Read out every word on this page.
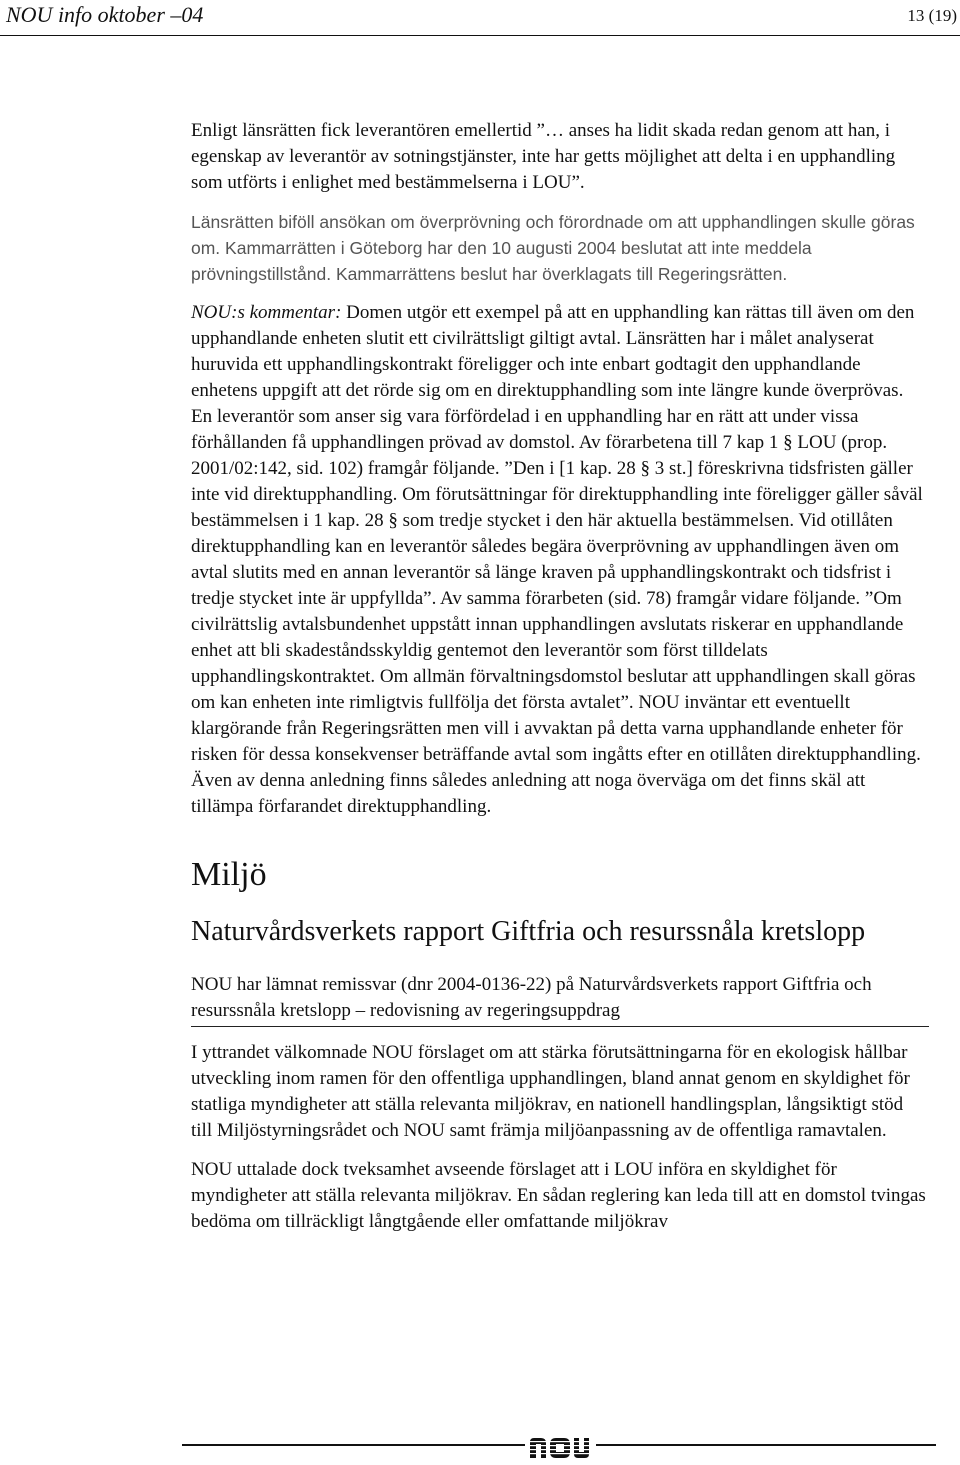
NOU info oktober –04	13 (19)

Enligt länsrätten fick leverantören emellertid ”… anses ha lidit skada redan genom att han, i egenskap av leverantör av sotningstjänster, inte har getts möjlighet att delta i en upphandling som utförts i enlighet med bestämmelserna i LOU”.

Länsrätten biföll ansökan om överprövning och förordnade om att upphandlingen skulle göras om. Kammarrätten i Göteborg har den 10 augusti 2004 beslutat att inte meddela prövningstillstånd. Kammarrättens beslut har överklagats till Regeringsrätten.

NOU:s kommentar: Domen utgör ett exempel på att en upphandling kan rättas till även om den upphandlande enheten slutit ett civilrättsligt giltigt avtal. Länsrätten har i målet analyserat huruvida ett upphandlingskontrakt föreligger och inte enbart godtagit den upphandlande enhetens uppgift att det rörde sig om en direktupphandling som inte längre kunde överprövas. En leverantör som anser sig vara förfördelad i en upphandling har en rätt att under vissa förhållanden få upphandlingen prövad av domstol. Av förarbetena till 7 kap 1 § LOU (prop. 2001/02:142, sid. 102) framgår följande. ”Den i [1 kap. 28 § 3 st.] föreskrivna tidsfristen gäller inte vid direktupphandling. Om förutsättningar för direktupphandling inte föreligger gäller såväl bestämmelsen i 1 kap. 28 § som tredje stycket i den här aktuella bestämmelsen. Vid otillåten direktupphandling kan en leverantör således begära överprövning av upphandlingen även om avtal slutits med en annan leverantör så länge kraven på upphandlingskontrakt och tidsfrist i tredje stycket inte är uppfyllda”. Av samma förarbeten (sid. 78) framgår vidare följande. ”Om civilrättslig avtalsbundenhet uppstått innan upphandlingen avslutats riskerar en upphandlande enhet att bli skadeståndsskyldig gentemot den leverantör som först tilldelats upphandlingskontraktet. Om allmän förvaltningsdomstol beslutar att upphandlingen skall göras om kan enheten inte rimligtvis fullfölja det första avtalet”. NOU inväntar ett eventuellt klargörande från Regeringsrätten men vill i avvaktan på detta varna upphandlande enheter för risken för dessa konsekvenser beträffande avtal som ingåtts efter en otillåten direktupphandling. Även av denna anledning finns således anledning att noga överväga om det finns skäl att tillämpa förfarandet direktupphandling.

Miljö
Naturvårdsverkets rapport Giftfria och resurssnåla kretslopp

NOU har lämnat remissvar (dnr 2004-0136-22) på Naturvårdsverkets rapport Giftfria och resurssnåla kretslopp – redovisning av regeringsuppdrag

I yttrandet välkomnade NOU förslaget om att stärka förutsättningarna för en ekologisk hållbar utveckling inom ramen för den offentliga upphandlingen, bland annat genom en skyldighet för statliga myndigheter att ställa relevanta miljökrav, en nationell handlingsplan, långsiktigt stöd till Miljöstyrningsrådet och NOU samt främja miljöanpassning av de offentliga ramavtalen.

NOU uttalade dock tveksamhet avseende förslaget att i LOU införa en skyldighet för myndigheter att ställa relevanta miljökrav. En sådan reglering kan leda till att en domstol tvingas bedöma om tillräckligt långtgående eller omfattande miljökrav
